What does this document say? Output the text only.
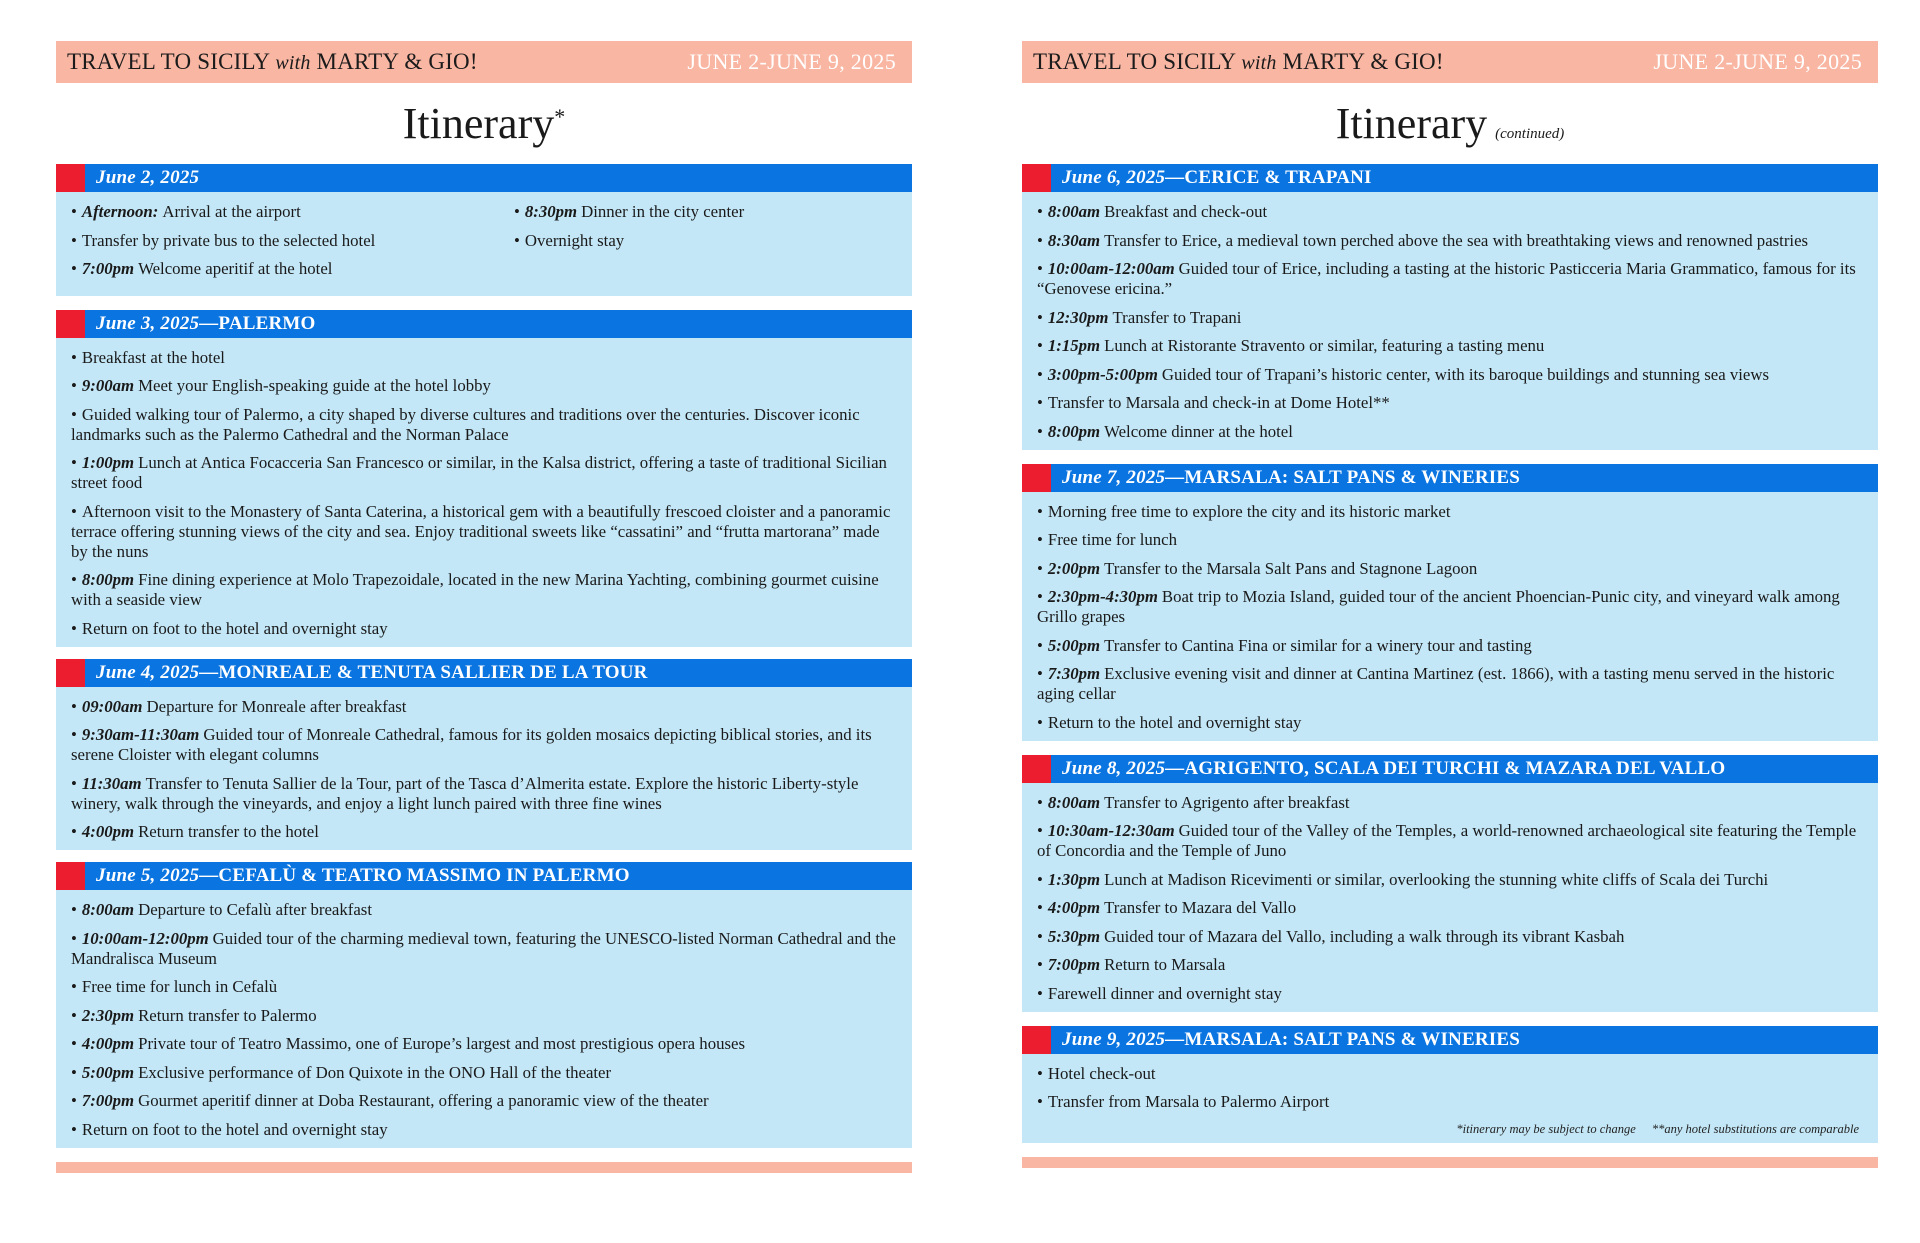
TRAVEL TO SICILY with MARTY & GIO!	JUNE 2-JUNE 9, 2025
Itinerary*
June 2, 2025
• Afternoon: Arrival at the airport
• Transfer by private bus to the selected hotel
• 7:00pm Welcome aperitif at the hotel
• 8:30pm Dinner in the city center
• Overnight stay
June 3, 2025—PALERMO
• Breakfast at the hotel
• 9:00am Meet your English-speaking guide at the hotel lobby
• Guided walking tour of Palermo, a city shaped by diverse cultures and traditions over the centuries. Discover iconic landmarks such as the Palermo Cathedral and the Norman Palace
• 1:00pm Lunch at Antica Focacceria San Francesco or similar, in the Kalsa district, offering a taste of traditional Sicilian street food
• Afternoon visit to the Monastery of Santa Caterina, a historical gem with a beautifully frescoed cloister and a panoramic terrace offering stunning views of the city and sea. Enjoy traditional sweets like “cassatini” and “frutta martorana” made by the nuns
• 8:00pm Fine dining experience at Molo Trapezoidale, located in the new Marina Yachting, combining gourmet cuisine with a seaside view
• Return on foot to the hotel and overnight stay
June 4, 2025—MONREALE & TENUTA SALLIER DE LA TOUR
• 09:00am Departure for Monreale after breakfast
• 9:30am-11:30am Guided tour of Monreale Cathedral, famous for its golden mosaics depicting biblical stories, and its serene Cloister with elegant columns
• 11:30am Transfer to Tenuta Sallier de la Tour, part of the Tasca d’Almerita estate. Explore the historic Liberty-style winery, walk through the vineyards, and enjoy a light lunch paired with three fine wines
• 4:00pm Return transfer to the hotel
June 5, 2025—CEFALÙ & TEATRO MASSIMO IN PALERMO
• 8:00am Departure to Cefalù after breakfast
• 10:00am-12:00pm Guided tour of the charming medieval town, featuring the UNESCO-listed Norman Cathedral and the Mandralisca Museum
• Free time for lunch in Cefalù
• 2:30pm Return transfer to Palermo
• 4:00pm Private tour of Teatro Massimo, one of Europe’s largest and most prestigious opera houses
• 5:00pm Exclusive performance of Don Quixote in the ONO Hall of the theater
• 7:00pm Gourmet aperitif dinner at Doba Restaurant, offering a panoramic view of the theater
• Return on foot to the hotel and overnight stay
TRAVEL TO SICILY with MARTY & GIO!	JUNE 2-JUNE 9, 2025
Itinerary (continued)
June 6, 2025—CERICE & TRAPANI
• 8:00am Breakfast and check-out
• 8:30am Transfer to Erice, a medieval town perched above the sea with breathtaking views and renowned pastries
• 10:00am-12:00am Guided tour of Erice, including a tasting at the historic Pasticceria Maria Grammatico, famous for its “Genovese ericina.”
• 12:30pm Transfer to Trapani
• 1:15pm Lunch at Ristorante Stravento or similar, featuring a tasting menu
• 3:00pm-5:00pm Guided tour of Trapani’s historic center, with its baroque buildings and stunning sea views
• Transfer to Marsala and check-in at Dome Hotel**
• 8:00pm Welcome dinner at the hotel
June 7, 2025—MARSALA: SALT PANS & WINERIES
• Morning free time to explore the city and its historic market
• Free time for lunch
• 2:00pm Transfer to the Marsala Salt Pans and Stagnone Lagoon
• 2:30pm-4:30pm Boat trip to Mozia Island, guided tour of the ancient Phoencian-Punic city, and vineyard walk among Grillo grapes
• 5:00pm Transfer to Cantina Fina or similar for a winery tour and tasting
• 7:30pm Exclusive evening visit and dinner at Cantina Martinez (est. 1866), with a tasting menu served in the historic aging cellar
• Return to the hotel and overnight stay
June 8, 2025—AGRIGENTO, SCALA DEI TURCHI & MAZARA DEL VALLO
• 8:00am Transfer to Agrigento after breakfast
• 10:30am-12:30am Guided tour of the Valley of the Temples, a world-renowned archaeological site featuring the Temple of Concordia and the Temple of Juno
• 1:30pm Lunch at Madison Ricevimenti or similar, overlooking the stunning white cliffs of Scala dei Turchi
• 4:00pm Transfer to Mazara del Vallo
• 5:30pm Guided tour of Mazara del Vallo, including a walk through its vibrant Kasbah
• 7:00pm Return to Marsala
• Farewell dinner and overnight stay
June 9, 2025—MARSALA: SALT PANS & WINERIES
• Hotel check-out
• Transfer from Marsala to Palermo Airport
*itinerary may be subject to change **any hotel substitutions are comparable
